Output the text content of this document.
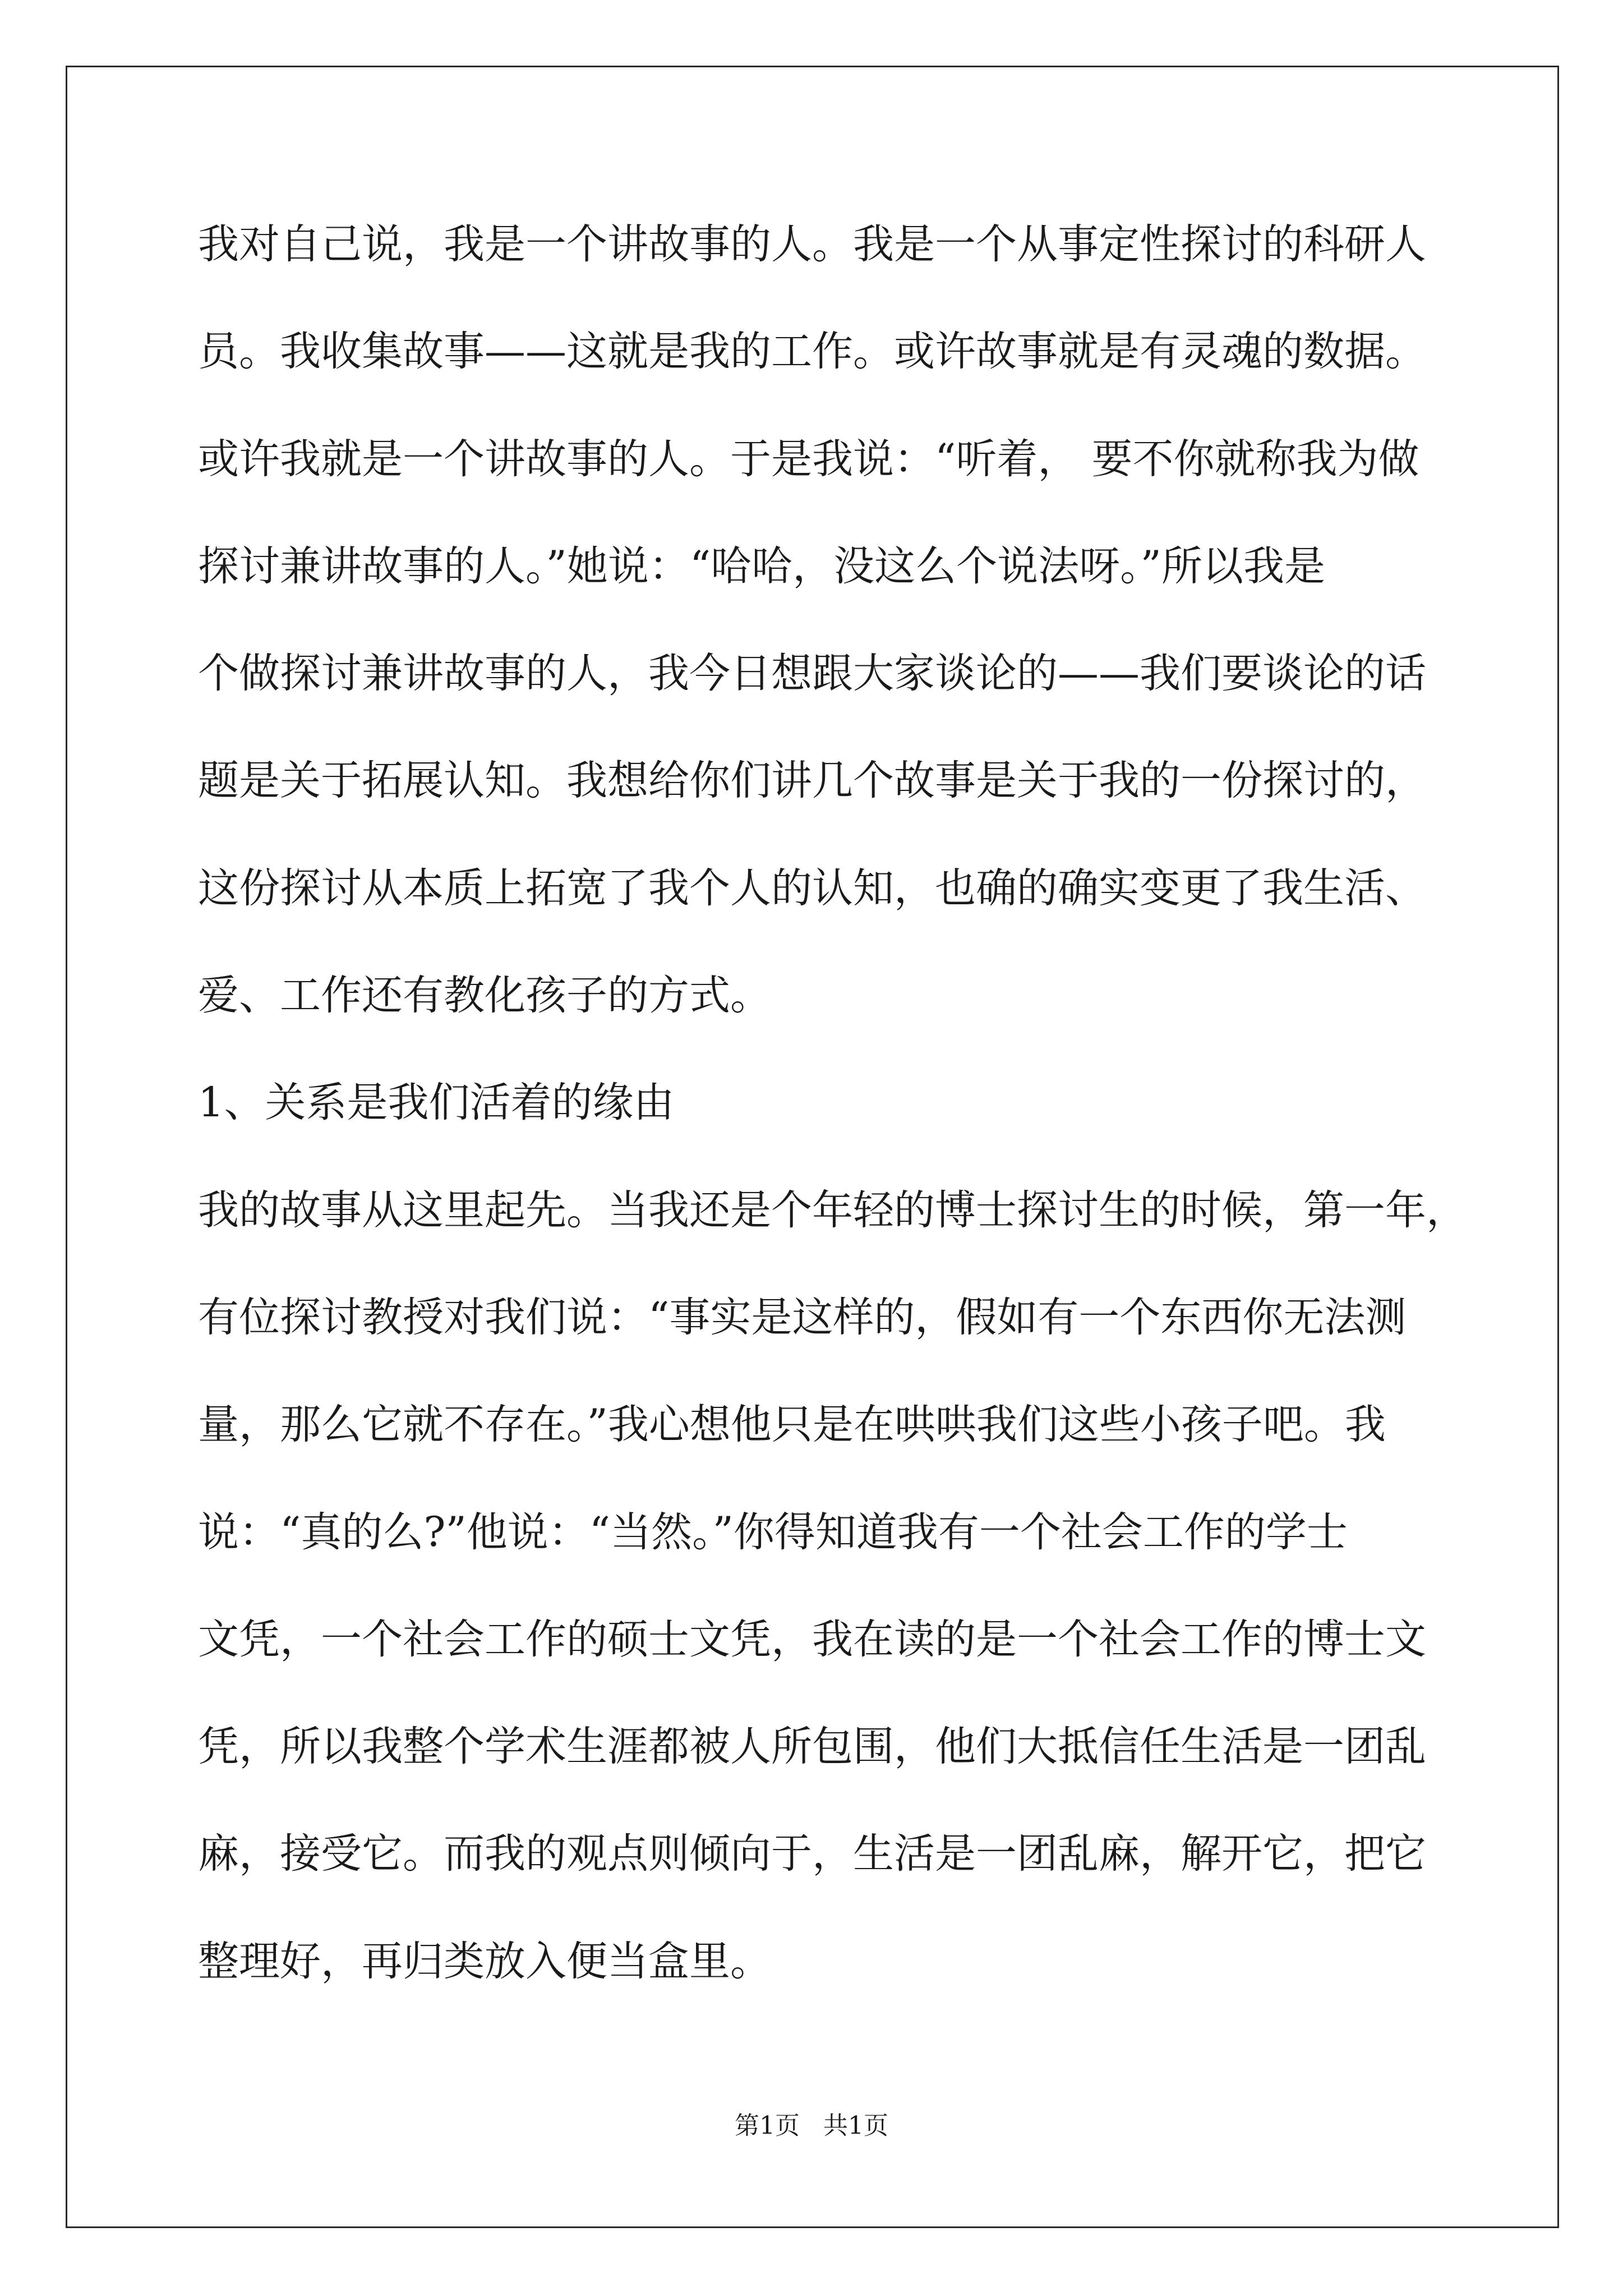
我对自己说，我是一个讲故事的人。我是一个从事定性探讨的科研人
员。我收集故事——这就是我的工作。或许故事就是有灵魂的数据。
或许我就是一个讲故事的人。于是我说：“听着， 要不你就称我为做
探讨兼讲故事的人。”她说：“哈哈，没这么个说法呀。”所以我是
个做探讨兼讲故事的人，我今日想跟大家谈论的——我们要谈论的话
题是关于拓展认知。我想给你们讲几个故事是关于我的一份探讨的，
这份探讨从本质上拓宽了我个人的认知，也确的确实变更了我生活、
爱、工作还有教化孩子的方式。
1、关系是我们活着的缘由
我的故事从这里起先。当我还是个年轻的博士探讨生的时候，第一年，
有位探讨教授对我们说：“事实是这样的，假如有一个东西你无法测
量，那么它就不存在。”我心想他只是在哄哄我们这些小孩子吧。我
说：“真的么?”他说：“当然。”你得知道我有一个社会工作的学士
文凭，一个社会工作的硕士文凭，我在读的是一个社会工作的博士文
凭，所以我整个学术生涯都被人所包围，他们大抵信任生活是一团乱
麻，接受它。而我的观点则倾向于，生活是一团乱麻，解开它，把它
整理好，再归类放入便当盒里。
第1页 共1页
